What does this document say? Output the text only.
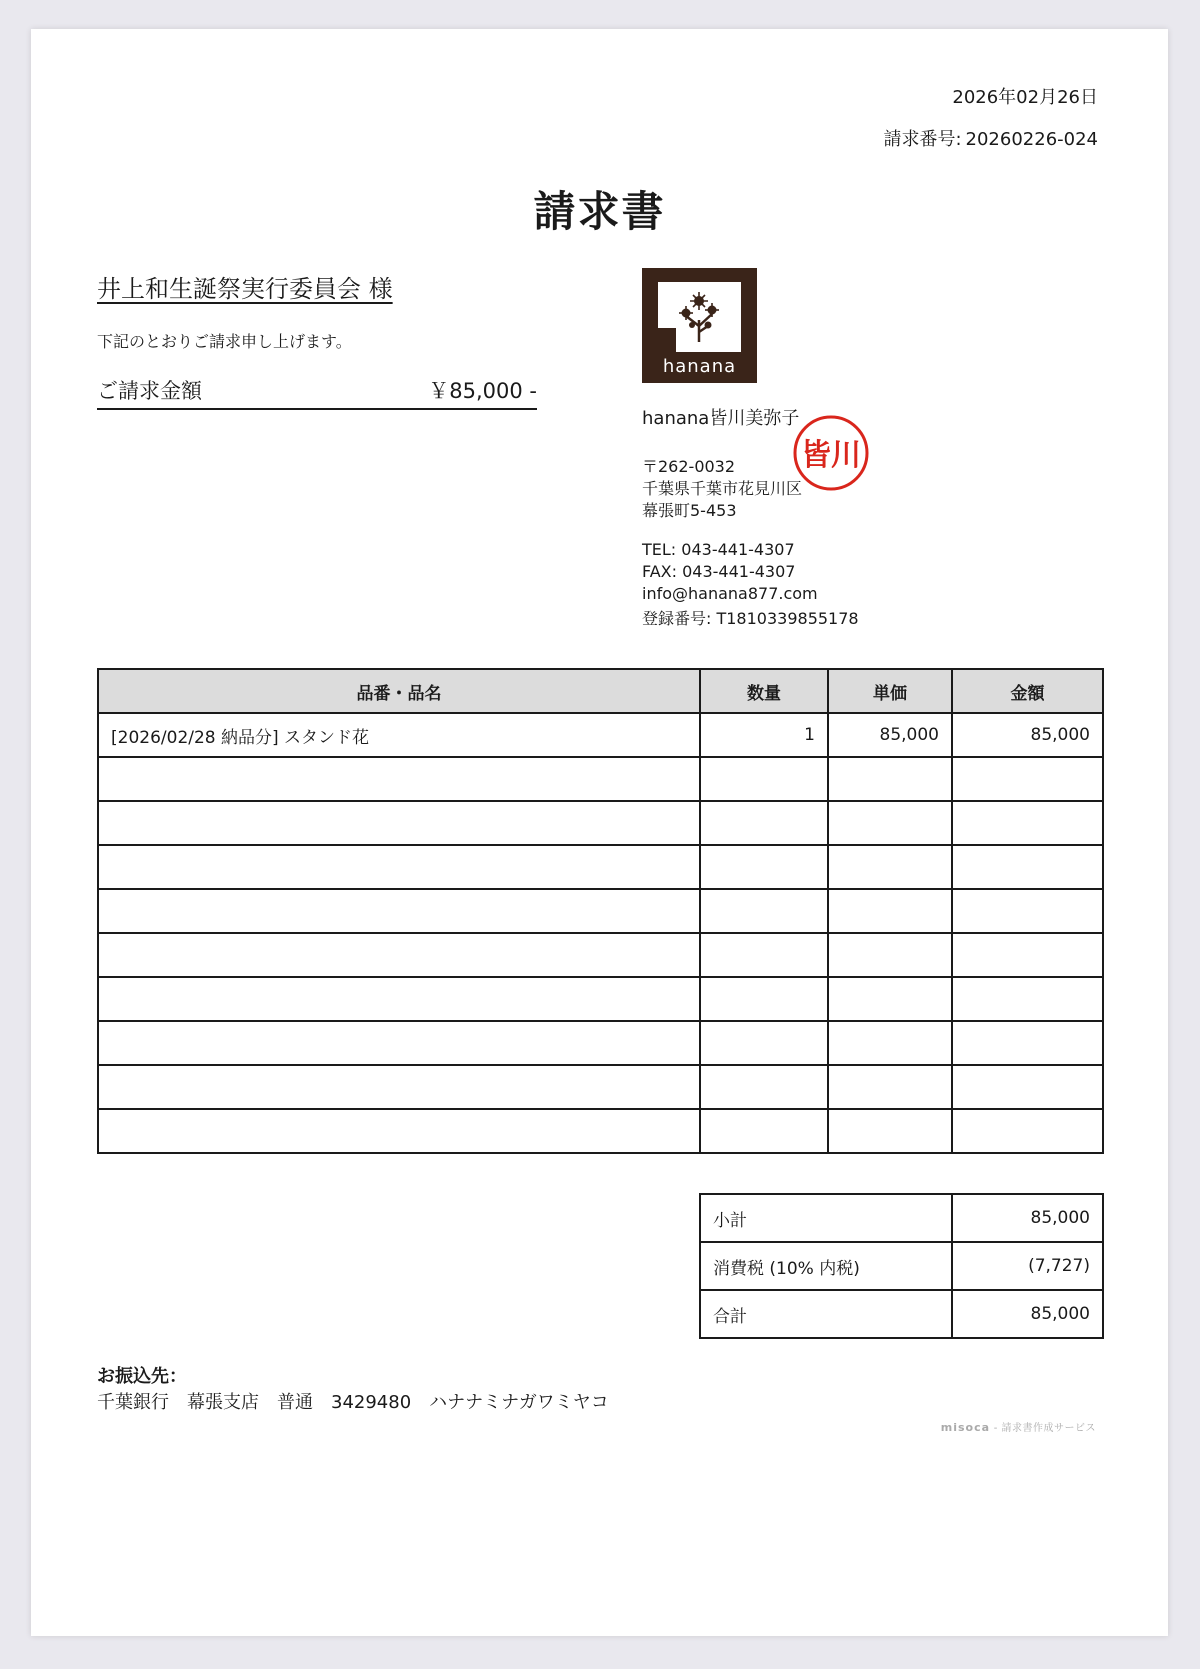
2026年02月26日
請求番号: 20260226-024
請求書
井上和生誕祭実行委員会 様
下記のとおりご請求申し上げます。
ご請求金額	￥85,000 -
hanana
hanana皆川美弥子
皆川
〒262-0032
千葉県千葉市花見川区
幕張町5-453
TEL: 043-441-4307
FAX: 043-441-4307
info@hanana877.com
登録番号: T1810339855178
品番・品名	数量	単価	金額
[2026/02/28 納品分] スタンド花	1	85,000	85,000

小計	85,000
消費税 (10% 内税)	(7,727)
合計	85,000
お振込先：
千葉銀行　幕張支店　普通　3429480　ハナナミナガワミヤコ
misoca - 請求書作成サービス
